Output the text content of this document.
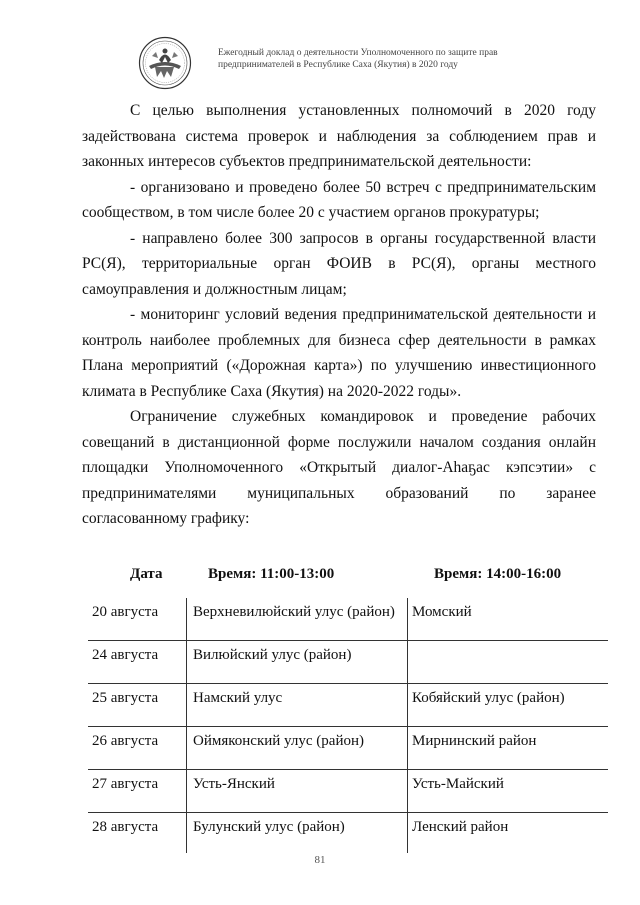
Ежегодный доклад о деятельности Уполномоченного по защите прав
предпринимателей в Республике Саха (Якутия) в 2020 году

С целью выполнения установленных полномочий в 2020 году задействована система проверок и наблюдения за соблюдением прав и законных интересов субъектов предпринимательской деятельности:

- организовано и проведено более 50 встреч с предпринимательским сообществом, в том числе более 20 с участием органов прокуратуры;

- направлено более 300 запросов в органы государственной власти РС(Я), территориальные орган ФОИВ в РС(Я), органы местного самоуправления и должностным лицам;

- мониторинг условий ведения предпринимательской деятельности и контроль наиболее проблемных для бизнеса сфер деятельности в рамках Плана мероприятий («Дорожная карта») по улучшению инвестиционного климата в Республике Саха (Якутия) на 2020-2022 годы».

Ограничение служебных командировок и проведение рабочих совещаний в дистанционной форме послужили началом создания онлайн площадки Уполномоченного «Открытый диалог-Аhаҕас кэпсэтии» с предпринимателями муниципальных образований по заранее согласованному графику:

Дата	Время: 11:00-13:00	Время: 14:00-16:00
20 августа	Верхневилюйский улус (район)	Момский
24 августа	Вилюйский улус (район)	
25 августа	Намский улус	Кобяйский улус (район)
26 августа	Оймяконский улус (район)	Мирнинский район
27 августа	Усть-Янский	Усть-Майский
28 августа	Булунский улус (район)	Ленский район
81
